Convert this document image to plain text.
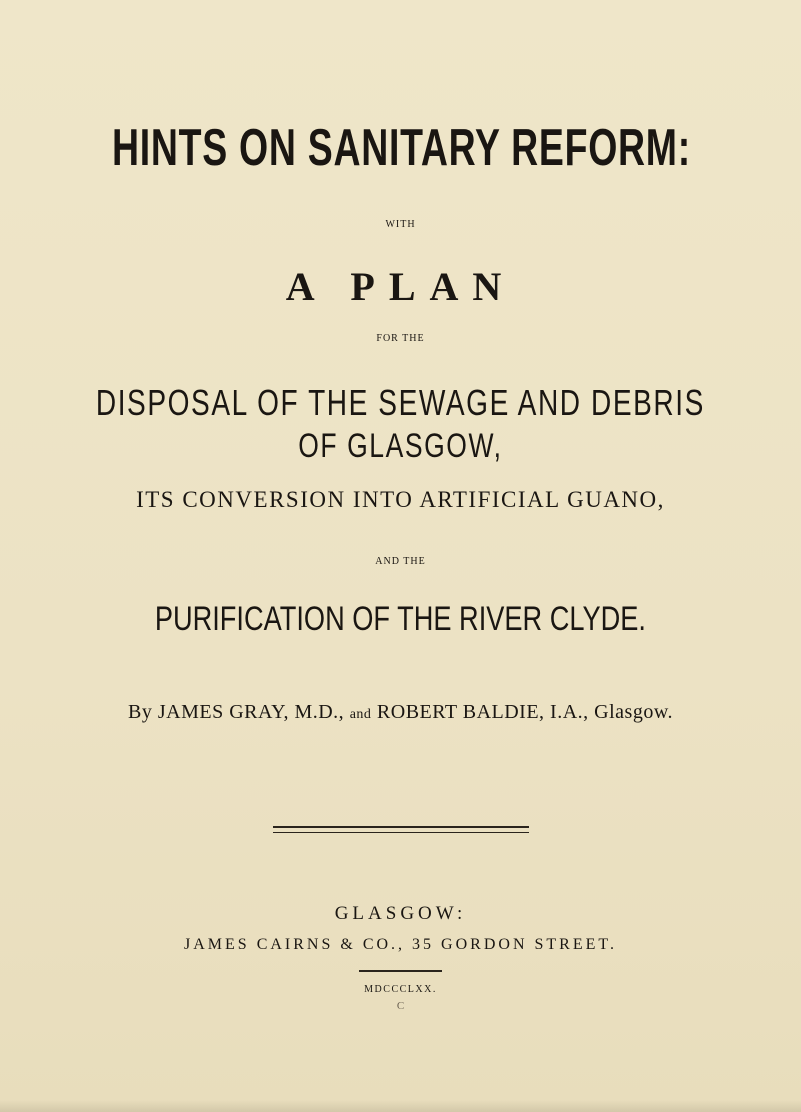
HINTS ON SANITARY REFORM:
WITH
A PLAN
FOR THE
DISPOSAL OF THE SEWAGE AND DEBRIS
OF GLASGOW,
ITS CONVERSION INTO ARTIFICIAL GUANO,
AND THE
PURIFICATION OF THE RIVER CLYDE.
By JAMES GRAY, M.D., and ROBERT BALDIE, I.A., Glasgow.
GLASGOW:
JAMES CAIRNS & CO., 35 GORDON STREET.
MDCCCLXX.
C
